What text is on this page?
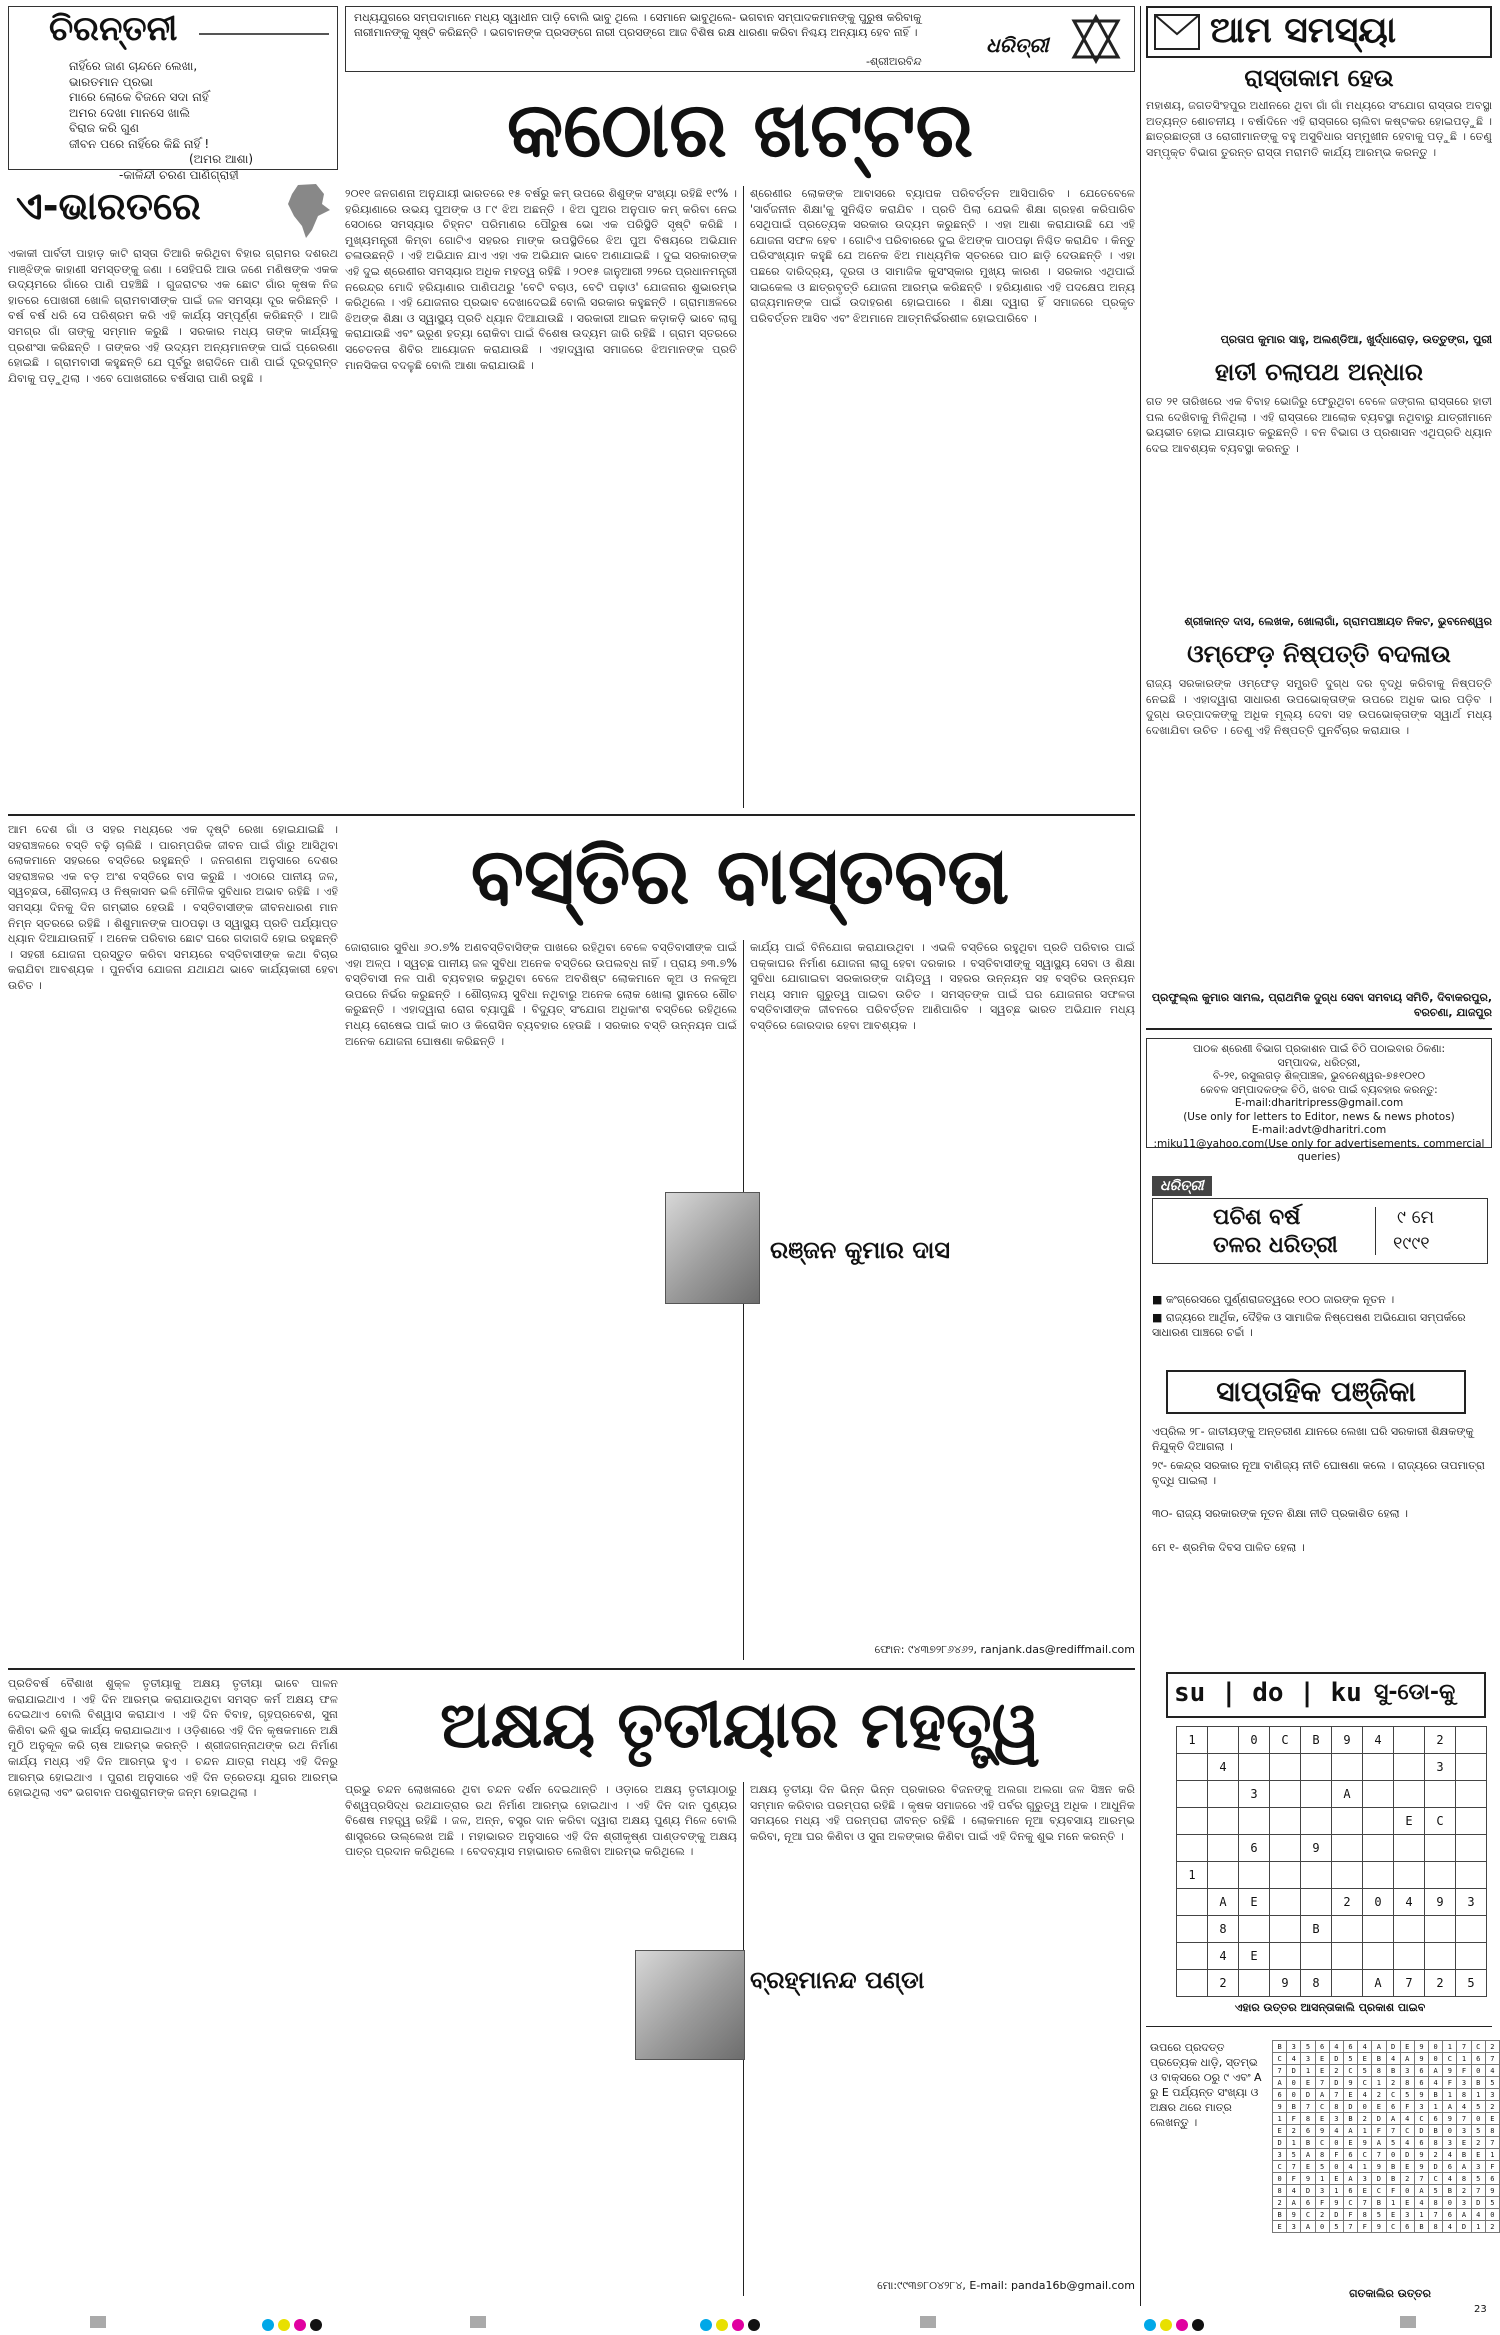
ଚିରନ୍ତନୀ
ନାହିଁରେ ଜାଣ ଚାନ୍ଦନେ ଲେଖା,
ଭାରତମାନ ପ୍ରଭା
ମାରେ ଲୋକେ ବିଜନେ ସଦା ନାହିଁ
ଅମର ଦେଖା ମାନସେ ଖାଲି
ବିରାଜ କରି ଗୁଣ
ଜୀବନ ପରେ ନାହିଁରେ କିଛି ନାହିଁ !
(ଅମର ଆଶା)
-କାଳିନ୍ଦୀ ଚରଣ ପାଣିଗ୍ରାହୀ
ମଧ୍ୟଯୁଗରେ ସମ୍ପଦାମାନେ ମଧ୍ୟ ସ୍ୱାଧୀନ ପାଡ଼ି ବୋଲି ଭାବୁ ଥିଲେ । ସେମାନେ ଭାବୁଥିଲେ- ଭଗବାନ ସମ୍ପାଦକମାନଙ୍କୁ ପୁରୁଷ କରିବାକୁ ନାରୀମାନଙ୍କୁ ସୃଷ୍ଟି କରିଛନ୍ତି । ଭଗବାନଙ୍କ ପ୍ରସଙ୍ଗେ ନାରୀ ପ୍ରସଙ୍ଗେ ଆଜ ବିଶିଷ ରକ୍ଷ ଧାରଣା କରିବା ନିଶ୍ଚୟ ଅନ୍ୟାୟ ହେବ ନାହିଁ ।
-ଶ୍ରୀଅରବିନ୍ଦ
ଧରିତ୍ରୀ
କଠୋର ଖଟ୍ଟର
୨୦୧୧ ଜନଗଣନା ଅନୁଯାୟୀ ଭାରତରେ ୧୫ ବର୍ଷରୁ କମ୍ ଉପରେ ଶିଶୁଙ୍କ ସଂଖ୍ୟା ରହିଛି ୧୯% । ହରିୟାଣାରେ ଉଭୟ ପୁଅଙ୍କ ଓ ୮୯ ଝିଅ ଅଛନ୍ତି । ଝିଅ ପୁଅର ଅନୁପାତ କମ୍ କରିବା ନେଇ ସେଠାରେ ସମସ୍ୟାର ଚିହ୍ନଟ ପରିମାଣର ପୌରୁଷ ଭୋ ଏକ ପରିସ୍ଥିତି ସୃଷ୍ଟି କରିଛି । ମୁଖ୍ୟମନ୍ତ୍ରୀ କିମ୍ବା ଗୋଟିଏ ସହରର ମାଙ୍କ ଉପସ୍ଥିତିରେ ଝିଅ ପୁଅ ବିଷୟରେ ଅଭିଯାନ ଚଳାଉଛନ୍ତି । ଏହି ଅଭିଯାନ ଯାଏ ଏହା ଏକ ଅଭିଯାନ ଭାବେ ଅଣାଯାଇଛି । ଦୁଇ ସରକାରଙ୍କ ଏହି ଦୁଇ ଶ୍ରେଣୀର ସମସ୍ୟାର ଅଧିକ ମହତ୍ୱ ରହିଛି । ୨୦୧୫ ଜାନୁଆରୀ ୨୨ରେ ପ୍ରଧାନମନ୍ତ୍ରୀ ନରେନ୍ଦ୍ର ମୋଦି ହରିୟାଣାର ପାଣିପଥରୁ 'ବେଟି ବଚାଓ, ବେଟି ପଢ଼ାଓ' ଯୋଜନାର ଶୁଭାରମ୍ଭ କରିଥିଲେ । ଏହି ଯୋଜନାର ପ୍ରଭାବ ଦେଖାଦେଇଛି ବୋଲି ସରକାର କହୁଛନ୍ତି । ଗ୍ରାମାଞ୍ଚଳରେ ଝିଅଙ୍କ ଶିକ୍ଷା ଓ ସ୍ୱାସ୍ଥ୍ୟ ପ୍ରତି ଧ୍ୟାନ ଦିଆଯାଉଛି । ସରକାରୀ ଆଇନ କଡ଼ାକଡ଼ି ଭାବେ ଲାଗୁ କରାଯାଉଛି ଏବଂ ଭ୍ରୂଣ ହତ୍ୟା ରୋକିବା ପାଇଁ ବିଶେଷ ଉଦ୍ୟମ ଜାରି ରହିଛି । ଗ୍ରାମ ସ୍ତରରେ ସଚେତନତା ଶିବିର ଆୟୋଜନ କରାଯାଉଛି । ଏହାଦ୍ୱାରା ସମାଜରେ ଝିଅମାନଙ୍କ ପ୍ରତି ମାନସିକତା ବଦଳୁଛି ବୋଲି ଆଶା କରାଯାଉଛି ।
ଶ୍ରେଣୀର ଲୋକଙ୍କ ଆବାସରେ ବ୍ୟାପକ ପରିବର୍ତ୍ତନ ଆସିପାରିବ । ଯେତେବେଳେ 'ସାର୍ବଜନୀନ ଶିକ୍ଷା'କୁ ସୁନିଶ୍ଚିତ କରାଯିବ । ପ୍ରତି ପିଲା ଯେଭଳି ଶିକ୍ଷା ଗ୍ରହଣ କରିପାରିବ ସେଥିପାଇଁ ପ୍ରତ୍ୟେକ ସରକାର ଉଦ୍ୟମ କରୁଛନ୍ତି । ଏହା ଆଶା କରାଯାଉଛି ଯେ ଏହି ଯୋଜନା ସଫଳ ହେବ । ଗୋଟିଏ ପରିବାରରେ ଦୁଇ ଝିଅଙ୍କ ପାଠପଢ଼ା ନିଶ୍ଚିତ କରାଯିବ । କିନ୍ତୁ ପରିସଂଖ୍ୟାନ କହୁଛି ଯେ ଅନେକ ଝିଅ ମାଧ୍ୟମିକ ସ୍ତରରେ ପାଠ ଛାଡ଼ି ଦେଉଛନ୍ତି । ଏହା ପଛରେ ଦାରିଦ୍ର୍ୟ, ଦୂରତା ଓ ସାମାଜିକ କୁସଂସ୍କାର ମୁଖ୍ୟ କାରଣ । ସରକାର ଏଥିପାଇଁ ସାଇକେଲ ଓ ଛାତ୍ରବୃତ୍ତି ଯୋଜନା ଆରମ୍ଭ କରିଛନ୍ତି । ହରିୟାଣାର ଏହି ପଦକ୍ଷେପ ଅନ୍ୟ ରାଜ୍ୟମାନଙ୍କ ପାଇଁ ଉଦାହରଣ ହୋଇପାରେ । ଶିକ୍ଷା ଦ୍ୱାରା ହିଁ ସମାଜରେ ପ୍ରକୃତ ପରିବର୍ତ୍ତନ ଆସିବ ଏବଂ ଝିଅମାନେ ଆତ୍ମନିର୍ଭରଶୀଳ ହୋଇପାରିବେ ।
ଏ-ଭାରତରେ
ଏକାକୀ ପାର୍ବତୀ ପାହାଡ଼ କାଟି ରାସ୍ତା ତିଆରି କରିଥିବା ବିହାର ଗ୍ରାମର ଦଶରଥ ମାଞ୍ଝିଙ୍କ କାହାଣୀ ସମସ୍ତଙ୍କୁ ଜଣା । ସେହିପରି ଆଉ ଜଣେ ମଣିଷଙ୍କ ଏକକ ଉଦ୍ୟମରେ ଗାଁରେ ପାଣି ପହଞ୍ଚିଛି । ଗୁଜରାଟର ଏକ ଛୋଟ ଗାଁର କୃଷକ ନିଜ ହାତରେ ପୋଖରୀ ଖୋଳି ଗ୍ରାମବାସୀଙ୍କ ପାଇଁ ଜଳ ସମସ୍ୟା ଦୂର କରିଛନ୍ତି । ବର୍ଷ ବର୍ଷ ଧରି ସେ ପରିଶ୍ରମ କରି ଏହି କାର୍ଯ୍ୟ ସମ୍ପୂର୍ଣ୍ଣ କରିଛନ୍ତି । ଆଜି ସମଗ୍ର ଗାଁ ତାଙ୍କୁ ସମ୍ମାନ କରୁଛି । ସରକାର ମଧ୍ୟ ତାଙ୍କ କାର୍ଯ୍ୟକୁ ପ୍ରଶଂସା କରିଛନ୍ତି । ତାଙ୍କର ଏହି ଉଦ୍ୟମ ଅନ୍ୟମାନଙ୍କ ପାଇଁ ପ୍ରେରଣା ହୋଇଛି । ଗ୍ରାମବାସୀ କହୁଛନ୍ତି ଯେ ପୂର୍ବରୁ ଖରାଦିନେ ପାଣି ପାଇଁ ଦୂରଦୂରାନ୍ତ ଯିବାକୁ ପଡ଼ୁଥିଲା । ଏବେ ପୋଖରୀରେ ବର୍ଷସାରା ପାଣି ରହୁଛି ।
ଆମ ଦେଶ ଗାଁ ଓ ସହର ମଧ୍ୟରେ ଏକ ଦୃଷ୍ଟି ରେଖା ହୋଇଯାଇଛି । ସହରାଞ୍ଚଳରେ ବସ୍ତି ବଢ଼ି ଚାଲିଛି । ପାରମ୍ପରିକ ଜୀବନ ପାଇଁ ଗାଁରୁ ଆସିଥିବା ଲୋକମାନେ ସହରରେ ବସ୍ତିରେ ରହୁଛନ୍ତି । ଜନଗଣନା ଅନୁସାରେ ଦେଶର ସହରାଞ୍ଚଳର ଏକ ବଡ଼ ଅଂଶ ବସ୍ତିରେ ବାସ କରୁଛି । ଏଠାରେ ପାନୀୟ ଜଳ, ସ୍ୱଚ୍ଛତା, ଶୌଚାଳୟ ଓ ନିଷ୍କାସନ ଭଳି ମୌଳିକ ସୁବିଧାର ଅଭାବ ରହିଛି । ଏହି ସମସ୍ୟା ଦିନକୁ ଦିନ ଗମ୍ଭୀର ହେଉଛି । ବସ୍ତିବାସୀଙ୍କ ଜୀବନଧାରଣ ମାନ ନିମ୍ନ ସ୍ତରରେ ରହିଛି । ଶିଶୁମାନଙ୍କ ପାଠପଢ଼ା ଓ ସ୍ୱାସ୍ଥ୍ୟ ପ୍ରତି ପର୍ଯ୍ୟାପ୍ତ ଧ୍ୟାନ ଦିଆଯାଉନାହିଁ । ଅନେକ ପରିବାର ଛୋଟ ଘରେ ଗଦାଗଦି ହୋଇ ରହୁଛନ୍ତି । ସହରୀ ଯୋଜନା ପ୍ରସ୍ତୁତ କରିବା ସମୟରେ ବସ୍ତିବାସୀଙ୍କ କଥା ବିଚାର କରାଯିବା ଆବଶ୍ୟକ । ପୁନର୍ବାସ ଯୋଜନା ଯଥାଯଥ ଭାବେ କାର୍ଯ୍ୟକାରୀ ହେବା ଉଚିତ ।
ବସ୍ତିର ବାସ୍ତବତା
ଜୋରାଗାର ସୁବିଧା ୬୦.୭% ଅଣବସ୍ତିବାସିଙ୍କ ପାଖରେ ରହିଥିବା ବେଳେ ବସ୍ତିବାସୀଙ୍କ ପାଇଁ ଏହା ଅଳ୍ପ । ସ୍ୱଚ୍ଛ ପାନୀୟ ଜଳ ସୁବିଧା ଅନେକ ବସ୍ତିରେ ଉପଲବ୍ଧ ନାହିଁ । ପ୍ରାୟ ୭୩.୭% ବସ୍ତିବାସୀ ନଳ ପାଣି ବ୍ୟବହାର କରୁଥିବା ବେଳେ ଅବଶିଷ୍ଟ ଲୋକମାନେ କୂଅ ଓ ନଳକୂଅ ଉପରେ ନିର୍ଭର କରୁଛନ୍ତି । ଶୌଚାଳୟ ସୁବିଧା ନଥିବାରୁ ଅନେକ ଲୋକ ଖୋଲା ସ୍ଥାନରେ ଶୌଚ କରୁଛନ୍ତି । ଏହାଦ୍ୱାରା ରୋଗ ବ୍ୟାପୁଛି । ବିଦ୍ୟୁତ୍ ସଂଯୋଗ ଅଧିକାଂଶ ବସ୍ତିରେ ରହିଥିଲେ ମଧ୍ୟ ରୋଷେଇ ପାଇଁ କାଠ ଓ କିରୋସିନ ବ୍ୟବହାର ହେଉଛି । ସରକାର ବସ୍ତି ଉନ୍ନୟନ ପାଇଁ ଅନେକ ଯୋଜନା ଘୋଷଣା କରିଛନ୍ତି ।
କାର୍ଯ୍ୟ ପାଇଁ ବିନିଯୋଗ କରାଯାଉଥିବା । ଏଭଳି ବସ୍ତିରେ ରହୁଥିବା ପ୍ରତି ପରିବାର ପାଇଁ ପକ୍କାଘର ନିର୍ମାଣ ଯୋଜନା ଲାଗୁ ହେବା ଦରକାର । ବସ୍ତିବାସୀଙ୍କୁ ସ୍ୱାସ୍ଥ୍ୟ ସେବା ଓ ଶିକ୍ଷା ସୁବିଧା ଯୋଗାଇବା ସରକାରଙ୍କ ଦାୟିତ୍ୱ । ସହରର ଉନ୍ନୟନ ସହ ବସ୍ତିର ଉନ୍ନୟନ ମଧ୍ୟ ସମାନ ଗୁରୁତ୍ୱ ପାଇବା ଉଚିତ । ସମସ୍ତଙ୍କ ପାଇଁ ଘର ଯୋଜନାର ସଫଳତା ବସ୍ତିବାସୀଙ୍କ ଜୀବନରେ ପରିବର୍ତ୍ତନ ଆଣିପାରିବ । ସ୍ୱଚ୍ଛ ଭାରତ ଅଭିଯାନ ମଧ୍ୟ ବସ୍ତିରେ ଜୋରଦାର ହେବା ଆବଶ୍ୟକ ।
ରଞ୍ଜନ କୁମାର ଦାସ
ଫୋନ: ୯୪୩୭୨୮୬୪୬୨, ranjank.das@rediffmail.com
ଅକ୍ଷୟ ତୃତୀୟାର ମହତ୍ତ୍ୱ
ପ୍ରତିବର୍ଷ ବୈଶାଖ ଶୁକ୍ଳ ତୃତୀୟାକୁ ଅକ୍ଷୟ ତୃତୀୟା ଭାବେ ପାଳନ କରାଯାଇଥାଏ । ଏହି ଦିନ ଆରମ୍ଭ କରାଯାଉଥିବା ସମସ୍ତ କର୍ମ ଅକ୍ଷୟ ଫଳ ଦେଇଥାଏ ବୋଲି ବିଶ୍ୱାସ କରାଯାଏ । ଏହି ଦିନ ବିବାହ, ଗୃହପ୍ରବେଶ, ସୁନା କିଣିବା ଭଳି ଶୁଭ କାର୍ଯ୍ୟ କରାଯାଇଥାଏ । ଓଡ଼ିଶାରେ ଏହି ଦିନ କୃଷକମାନେ ଅକ୍ଷି ମୁଠି ଅନୁକୂଳ କରି ଚାଷ ଆରମ୍ଭ କରନ୍ତି । ଶ୍ରୀଜଗନ୍ନାଥଙ୍କ ରଥ ନିର୍ମାଣ କାର୍ଯ୍ୟ ମଧ୍ୟ ଏହି ଦିନ ଆରମ୍ଭ ହୁଏ । ଚନ୍ଦନ ଯାତ୍ରା ମଧ୍ୟ ଏହି ଦିନରୁ ଆରମ୍ଭ ହୋଇଥାଏ । ପୁରାଣ ଅନୁସାରେ ଏହି ଦିନ ତ୍ରେତୟା ଯୁଗର ଆରମ୍ଭ ହୋଇଥିଲା ଏବଂ ଭଗବାନ ପରଶୁରାମଙ୍କ ଜନ୍ମ ହୋଇଥିଲା ।	ପ୍ରଭୁ ଚନ୍ଦନ ଲୋଖଳାରେ ଥିବା ଚନ୍ଦନ ଦର୍ଶନ ଦେଇଥାନ୍ତି । ଓଡ଼ାରେ ଅକ୍ଷୟ ତୃତୀୟାଠାରୁ ବିଶ୍ୱପ୍ରସିଦ୍ଧ ରଥଯାତ୍ରାର ରଥ ନିର୍ମାଣ ଆରମ୍ଭ ହୋଇଥାଏ । ଏହି ଦିନ ଦାନ ପୁଣ୍ୟର ବିଶେଷ ମହତ୍ତ୍ୱ ରହିଛି । ଜଳ, ଅନ୍ନ, ବସ୍ତ୍ର ଦାନ କରିବା ଦ୍ୱାରା ଅକ୍ଷୟ ପୁଣ୍ୟ ମିଳେ ବୋଲି ଶାସ୍ତ୍ରରେ ଉଲ୍ଲେଖ ଅଛି । ମହାଭାରତ ଅନୁସାରେ ଏହି ଦିନ ଶ୍ରୀକୃଷ୍ଣ ପାଣ୍ଡବଙ୍କୁ ଅକ୍ଷୟ ପାତ୍ର ପ୍ରଦାନ କରିଥିଲେ । ବେଦବ୍ୟାସ ମହାଭାରତ ଲେଖିବା ଆରମ୍ଭ କରିଥିଲେ ।
ଅକ୍ଷୟ ତୃତୀୟା ଦିନ ଭିନ୍ନ ଭିନ୍ନ ପ୍ରକାରର ବିଜନଙ୍କୁ ଅଲଗା ଅଲଗା ଜଳ ସିଞ୍ଚନ କରି ସମ୍ମାନ କରିବାର ପରମ୍ପରା ରହିଛି । କୃଷକ ସମାଜରେ ଏହି ପର୍ବର ଗୁରୁତ୍ୱ ଅଧିକ । ଆଧୁନିକ ସମୟରେ ମଧ୍ୟ ଏହି ପରମ୍ପରା ଜୀବନ୍ତ ରହିଛି । ଲୋକମାନେ ନୂଆ ବ୍ୟବସାୟ ଆରମ୍ଭ କରିବା, ନୂଆ ଘର କିଣିବା ଓ ସୁନା ଅଳଙ୍କାର କିଣିବା ପାଇଁ ଏହି ଦିନକୁ ଶୁଭ ମନେ କରନ୍ତି ।
ବ୍ରହ୍ମାନନ୍ଦ ପଣ୍ଡା
ମୋ:୯୯୩୭୮୦୪୨୮୪, E-mail: panda16b@gmail.com
ଆମ ସମସ୍ୟା
ରାସ୍ତାକାମ ହେଉ
ମହାଶୟ, ଜଗତସିଂହପୁର ଅଧୀନରେ ଥିବା ଗାଁ ଗାଁ ମଧ୍ୟରେ ସଂଯୋଗ ରାସ୍ତାର ଅବସ୍ଥା ଅତ୍ୟନ୍ତ ଶୋଚନୀୟ । ବର୍ଷାଦିନେ ଏହି ରାସ୍ତାରେ ଚାଲିବା କଷ୍ଟକର ହୋଇପଡ଼ୁଛି । ଛାତ୍ରଛାତ୍ରୀ ଓ ରୋଗୀମାନଙ୍କୁ ବହୁ ଅସୁବିଧାର ସମ୍ମୁଖୀନ ହେବାକୁ ପଡ଼ୁଛି । ତେଣୁ ସମ୍ପୃକ୍ତ ବିଭାଗ ତୁରନ୍ତ ରାସ୍ତା ମରାମତି କାର୍ଯ୍ୟ ଆରମ୍ଭ କରନ୍ତୁ ।
ପ୍ରତାପ କୁମାର ସାହୁ, ଅଲଣ୍ଡିଆ, ଖୁର୍ଦ୍ଧାରୋଡ଼, ଉତ୍ତୁଙ୍ଗ, ପୁରୀ
ହାତୀ ଚଲାପଥ ଅନ୍ଧାର
ଗତ ୨୧ ତାରିଖରେ ଏକ ବିବାହ ଭୋଜିରୁ ଫେରୁଥିବା ବେଳେ ଜଙ୍ଗଲ ରାସ୍ତାରେ ହାତୀ ପଲ ଦେଖିବାକୁ ମିଳିଥିଲା । ଏହି ରାସ୍ତାରେ ଆଲୋକ ବ୍ୟବସ୍ଥା ନଥିବାରୁ ଯାତ୍ରୀମାନେ ଭୟଭୀତ ହୋଇ ଯାତାୟାତ କରୁଛନ୍ତି । ବନ ବିଭାଗ ଓ ପ୍ରଶାସନ ଏଥିପ୍ରତି ଧ୍ୟାନ ଦେଇ ଆବଶ୍ୟକ ବ୍ୟବସ୍ଥା କରନ୍ତୁ ।
ଶ୍ରୀକାନ୍ତ ଦାସ, ଲେଖକ, ଖୋଲାଗାଁ, ଗ୍ରାମପଞ୍ଚାୟତ ନିକଟ, ଭୁବନେଶ୍ୱର
ଓମ୍ଫେଡ଼ ନିଷ୍ପତ୍ତି ବଦଳାଉ
ରାଜ୍ୟ ସରକାରଙ୍କ ଓମ୍ଫେଡ଼ ସମ୍ପ୍ରତି ଦୁଗ୍ଧ ଦର ବୃଦ୍ଧି କରିବାକୁ ନିଷ୍ପତ୍ତି ନେଇଛି । ଏହାଦ୍ୱାରା ସାଧାରଣ ଉପଭୋକ୍ତାଙ୍କ ଉପରେ ଅଧିକ ଭାର ପଡ଼ିବ । ଦୁଗ୍ଧ ଉତ୍ପାଦକଙ୍କୁ ଅଧିକ ମୂଲ୍ୟ ଦେବା ସହ ଉପଭୋକ୍ତାଙ୍କ ସ୍ୱାର୍ଥ ମଧ୍ୟ ଦେଖାଯିବା ଉଚିତ । ତେଣୁ ଏହି ନିଷ୍ପତ୍ତି ପୁନର୍ବିଚାର କରାଯାଉ ।
ପ୍ରଫୁଲ୍ଲ କୁମାର ସାମଲ, ପ୍ରାଥମିକ ଦୁଗ୍ଧ ସେବା ସମବାୟ ସମିତି, ଦିବାକରପୁର, ବରଚଣା, ଯାଜପୁର
ପାଠକ ଶ୍ରେଣୀ ବିଭାଗ ପ୍ରକାଶନ ପାଇଁ ଚିଠି ପଠାଇବାର ଠିକଣା:
ସମ୍ପାଦକ, ଧରିତ୍ରୀ,
ବି-୨୧, ରସୁଲଗଡ଼ ଶିଳ୍ପାଞ୍ଚଳ, ଭୁବନେଶ୍ୱର-୭୫୧୦୧୦
କେବଳ ସମ୍ପାଦକଙ୍କ ଚିଠି, ଖବର ପାଇଁ ବ୍ୟବହାର କରନ୍ତୁ:
E-mail:dharitripress@gmail.com
(Use only for letters to Editor, news & news photos)
E-mail:advt@dharitri.com
:miku11@yahoo.com(Use only for advertisements, commercial queries)
ଧରିତ୍ରୀ
ପଚିଶ ବର୍ଷ
ତଳର ଧରିତ୍ରୀ
୯ ମେ
୧୯୯୧
■ କଂଗ୍ରେସରେ ପୁର୍ଣ୍ଣରାଜତ୍ୱରେ ୧୦୦ ଜାରଙ୍କ ନୂତନ ।
■ ରାଜ୍ୟରେ ଆର୍ଥିକ, ଦୈହିକ ଓ ସାମାଜିକ ନିଷ୍ପେଷଣ ଅଭିଯୋଗ ସମ୍ପର୍କରେ ସାଧାରଣ ପାଞ୍ଚରେ ଚର୍ଚ୍ଚା ।
ସାପ୍ତାହିକ ପଞ୍ଜିକା
ଏପ୍ରିଲ ୨୮- ଜାତୀୟଙ୍କୁ ଅନ୍ତରୀଣ ଯାନରେ ଲେଖା ଘରି ସରକାରୀ ଶିକ୍ଷକଙ୍କୁ ନିଯୁକ୍ତି ଦିଆଗଲା ।
୨୯- କେନ୍ଦ୍ର ସରକାର ନୂଆ ବାଣିଜ୍ୟ ନୀତି ଘୋଷଣା କଲେ । ରାଜ୍ୟରେ ତାପମାତ୍ରା ବୃଦ୍ଧି ପାଇଲା ।
୩୦- ରାଜ୍ୟ ସରକାରଙ୍କ ନୂତନ ଶିକ୍ଷା ନୀତି ପ୍ରକାଶିତ ହେଲା ।
ମେ ୧- ଶ୍ରମିକ ଦିବସ ପାଳିତ ହେଲା ।
su | do | ku ସୁ-ଡୋ-କୁ
1		0	C	B	9	4		2	
	4							3	
		3			A				
							E	C	
		6		9					
1									
	A	E			2	0	4	9	3
	8			B					
	4	E							
	2		9	8		A	7	2	5
ଏହାର ଉତ୍ତର ଆସନ୍ତାକାଲି ପ୍ରକାଶ ପାଇବ
ଉପରେ ପ୍ରଦତ୍ତ ପ୍ରତ୍ୟେକ ଧାଡ଼ି, ସ୍ତମ୍ଭ ଓ ବାକ୍ସରେ ୦ରୁ ୯ ଏବଂ A ରୁ E ପର୍ଯ୍ୟନ୍ତ ସଂଖ୍ୟା ଓ ଅକ୍ଷର ଥରେ ମାତ୍ର ଲେଖନ୍ତୁ ।
B	3	5	6	4	6	4	A	D	E	9	0	1	7	C	2
C	4	3	E	D	5	E	B	4	A	9	0	C	1	6	7
7	D	1	E	2	C	5	8	B	3	6	A	9	F	0	4
A	0	E	7	D	9	C	1	2	8	6	4	F	3	B	5
6	0	D	A	7	E	4	2	C	5	9	B	1	8	1	3
9	B	7	C	8	D	0	E	6	F	3	1	A	4	5	2
1	F	8	E	3	B	2	D	A	4	C	6	9	7	0	E
E	2	6	9	4	A	1	F	7	C	D	B	0	3	5	8
D	1	B	C	0	E	9	A	5	4	6	8	3	E	2	7
3	5	A	8	F	6	C	7	0	D	9	2	4	B	E	1
C	7	E	5	0	4	1	9	B	E	9	D	6	A	3	F
0	F	9	1	E	A	3	D	B	2	7	C	4	8	5	6
8	4	D	3	1	6	E	C	F	0	A	5	B	2	7	9
2	A	6	F	9	C	7	B	1	E	4	8	0	3	D	5
B	9	C	2	D	F	8	5	E	3	1	7	6	A	4	0
E	3	A	0	5	7	F	9	C	6	B	8	4	D	1	2
ଗତକାଲିର ଉତ୍ତର
23
